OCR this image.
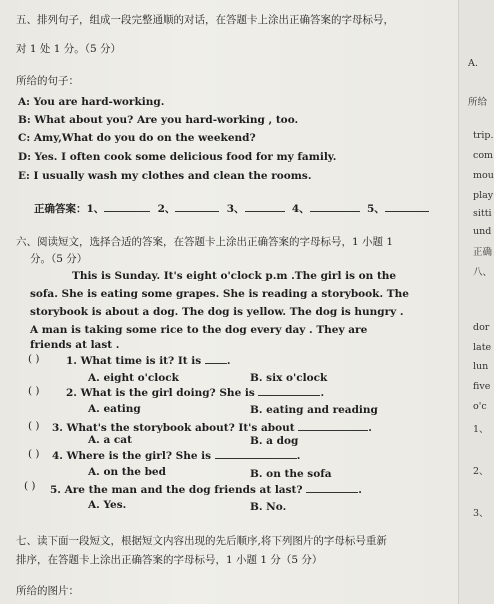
五、排列句子，组成一段完整通顺的对话，在答题卡上涂出正确答案的字母标号，
对 1 处 1 分。（5 分）
所给的句子：
A: You are hard-working.
B: What about you? Are you hard-working , too.
C: Amy,What do you do on the weekend?
D: Yes. I often cook some delicious food for my family.
E: I usually wash my clothes and clean the rooms.
正确答案：1、	2、	3、	4、	5、
六、阅读短文，选择合适的答案，在答题卡上涂出正确答案的字母标号，1 小题 1
分。（5 分）
This is Sunday. It's eight o'clock p.m .The girl is on the
sofa. She is eating some grapes. She is reading a storybook. The
storybook is about a dog. The dog is yellow. The dog is hungry .
A man is taking some rice to the dog every day . They are
friends at last .
( )	1. What time is it? It is .
A. eight o'clock	B. six o'clock
( )	2. What is the girl doing? She is	.
A. eating	B. eating and reading
( ) 3. What's the storybook about? It's about	.
A. a cat	B. a dog
( ) 4. Where is the girl? She is	.
A. on the bed	B. on the sofa
( ) 5. Are the man and the dog friends at last?	.
A. Yes.	B. No.
七、读下面一段短文，根据短文内容出现的先后顺序,将下列图片的字母标号重新
排序，在答题卡上涂出正确答案的字母标号，1 小题 1 分（5 分）
所给的图片：
A.
所给
trip.
com
mou
play
sitti
und
正确
八、
dor
late
lun
five
o'c
1、
2、
3、
